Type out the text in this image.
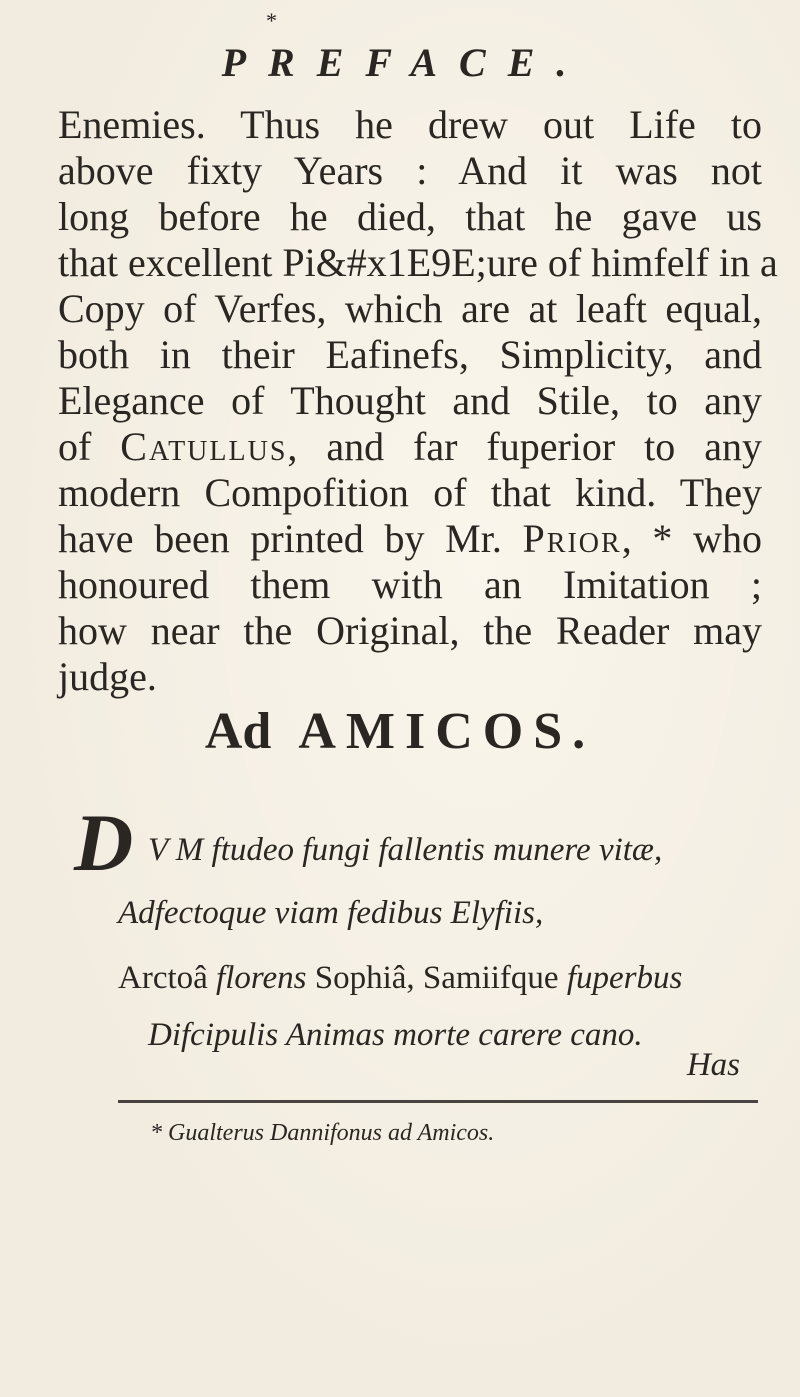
*
PREFACE.
Enemies. Thus he drew out Life to
above fixty Years : And it was not
long before he died, that he gave us
that excellent Pi&#x1E9E;ure of himfelf in a
Copy of Verfes, which are at leaft equal,
both in their Eafinefs, Simplicity, and
Elegance of Thought and Stile, to any
of Catullus, and far fuperior to any
modern Compofition of that kind. They
have been printed by Mr. Prior, * who
honoured them with an Imitation ;
how near the Original, the Reader may
judge.
Ad AMICOS.
D V M ftudeo fungi fallentis munere vitæ,
Adfectoque viam fedibus Elyfiis,
Arctoâ florens Sophiâ, Samiifque fuperbus
Difcipulis Animas morte carere cano.
Has
* Gualterus Dannifonus ad Amicos.
